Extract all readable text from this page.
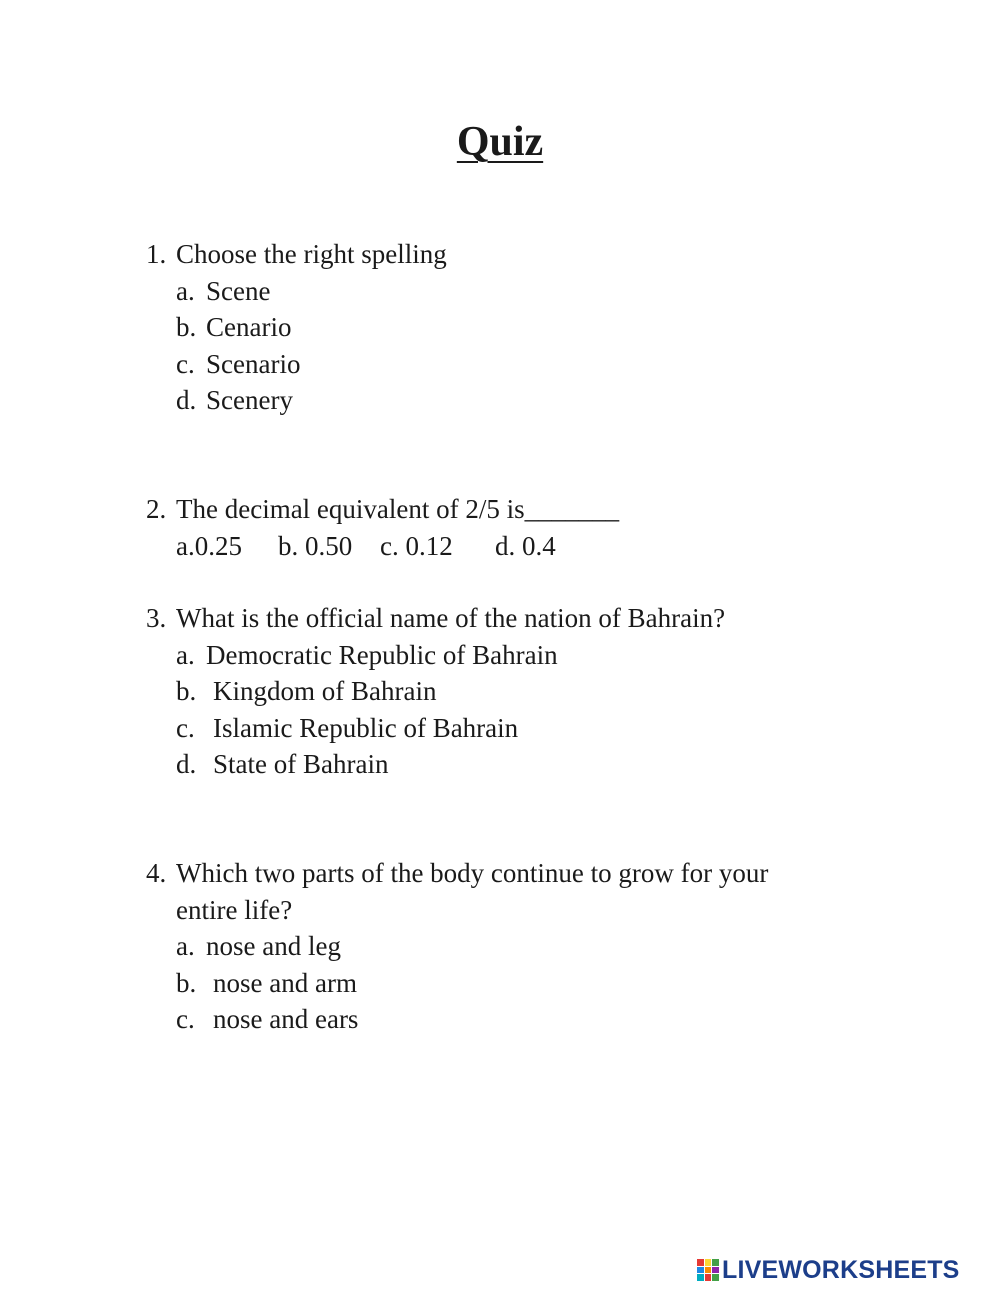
Quiz
1. Choose the right spelling
a. Scene
b. Cenario
c. Scenario
d. Scenery
2. The decimal equivalent of 2/5 is_______
a.0.25 b. 0.50 c. 0.12 d. 0.4
3. What is the official name of the nation of Bahrain?
a. Democratic Republic of Bahrain
b. Kingdom of Bahrain
c. Islamic Republic of Bahrain
d. State of Bahrain
4. Which two parts of the body continue to grow for your
entire life?
a. nose and leg
b. nose and arm
c. nose and ears
LIVEWORKSHEETS
